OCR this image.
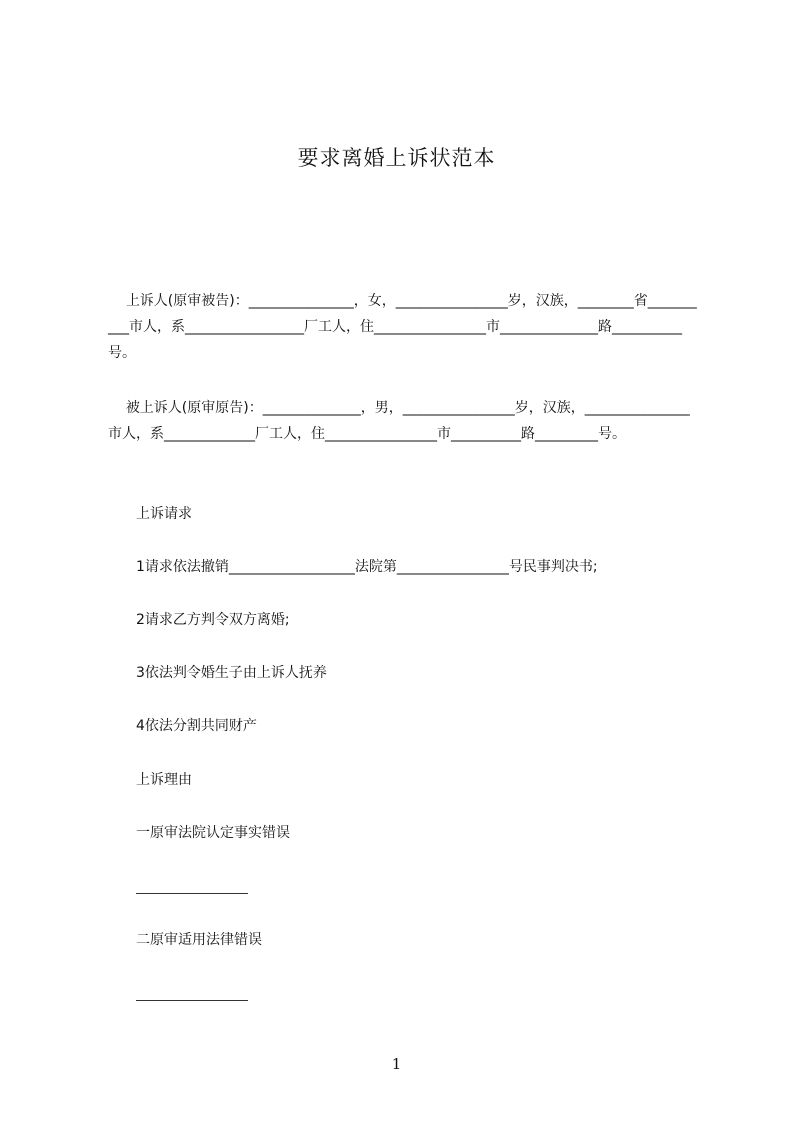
要求离婚上诉状范本
上诉人(原审被告)：_______________，女，________________岁，汉族，________省__________市人，系_________________厂工人，住________________市______________路__________号。
被上诉人(原审原告)：______________，男，________________岁，汉族，_______________市人，系_____________厂工人，住________________市__________路_________号。
上诉请求
1请求依法撤销__________________法院第________________号民事判决书;
2请求乙方判令双方离婚;
3依法判令婚生子由上诉人抚养
4依法分割共同财产
上诉理由
一原审法院认定事实错误
二原审适用法律错误
1
